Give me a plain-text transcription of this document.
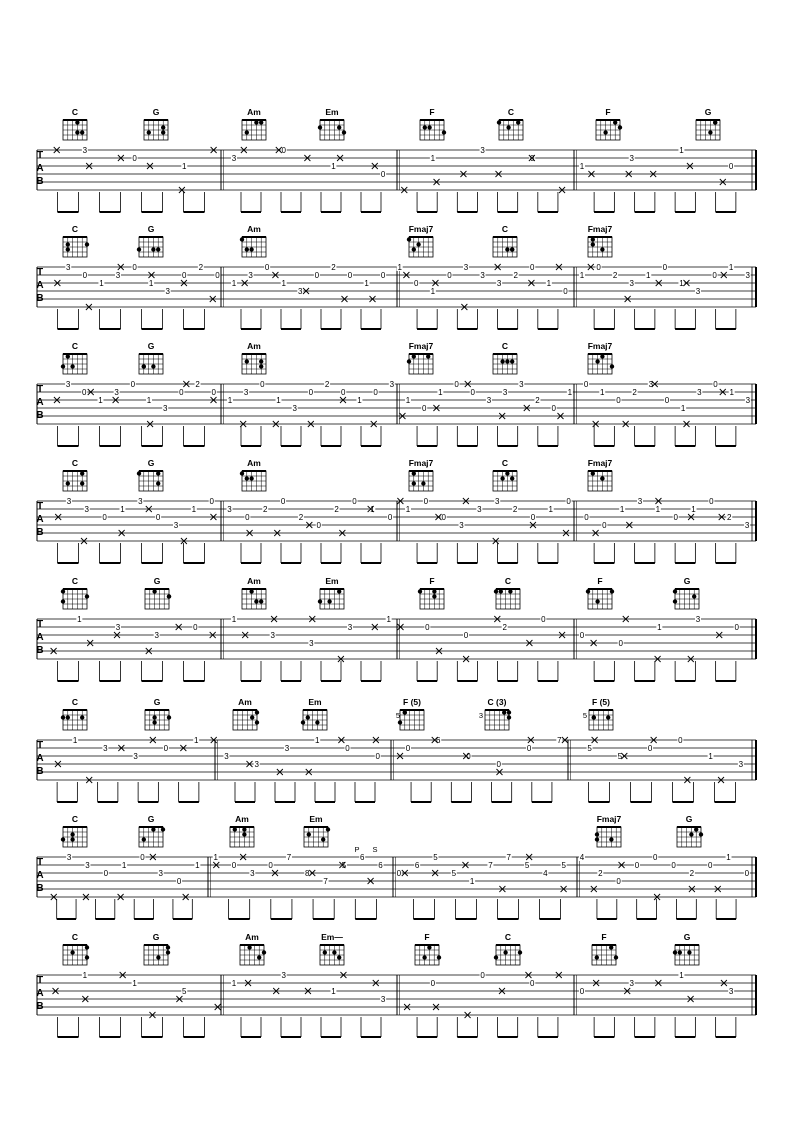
C	G	Am	Em	F	C	F	G
T
A
B
3
0
1
3
0
1
0
1
3
0
1
3
1
0
C	G	Am	Fmaj7	C	Fmaj7
T
A
B
3
0
1
3
0
1
3
0
2
0
1
3
0
1
3
0
2
0
1
0
1
0
1
0
3
3
3
2
0
1
0
1
0
2
3
1
0
1
3
0
1
3
C	G	Am	Fmaj7	C	Fmaj7
T
A
B
3
0
1
3
0
1
3
0
2
0
1
3
0
1
3
0
2
0
1
0
3
1
0
1
0
0
3
3
3
2
0
1
0
1
0
2
3
0
1
3
0
1
3
C	G	Am	Fmaj7	C	Fmaj7
T
A
B
3
3
0
1
3
0
3
1
0
3
0
2
0
2
0
2
0
1
0
1
0
0
3
3
3
2
0
1
0
0
0
1
3
1
0
1
0
2
3
C	G	Am	Em	F	C	F	G
T
A
B
1
3
3
0
1
3
3
3
1
0
0
2
0
0
0
1
3
0
C	G	Am	Em	F (5)	C (3)	F (5)
5	3	5
T
A
B
1
3
3
0
1
3
3
3
1
0
0
0
6
0
0
0
7
5
5
0
0
1
3
C	G	Am	Em	Fmaj7	G
P S
T
A
B
3
3
0
1
0
3
0
1
1
0
3
0
7
8
7
5
6
6
0
6
5
5
1
7
7
5
4
5
4
2
0
0
0
0
2
0
1
0
C	G	Am	Em—	F	C	F	G
T
A
B
1
1
5
1
3
1
3
0
0
0
0
3
1
3
